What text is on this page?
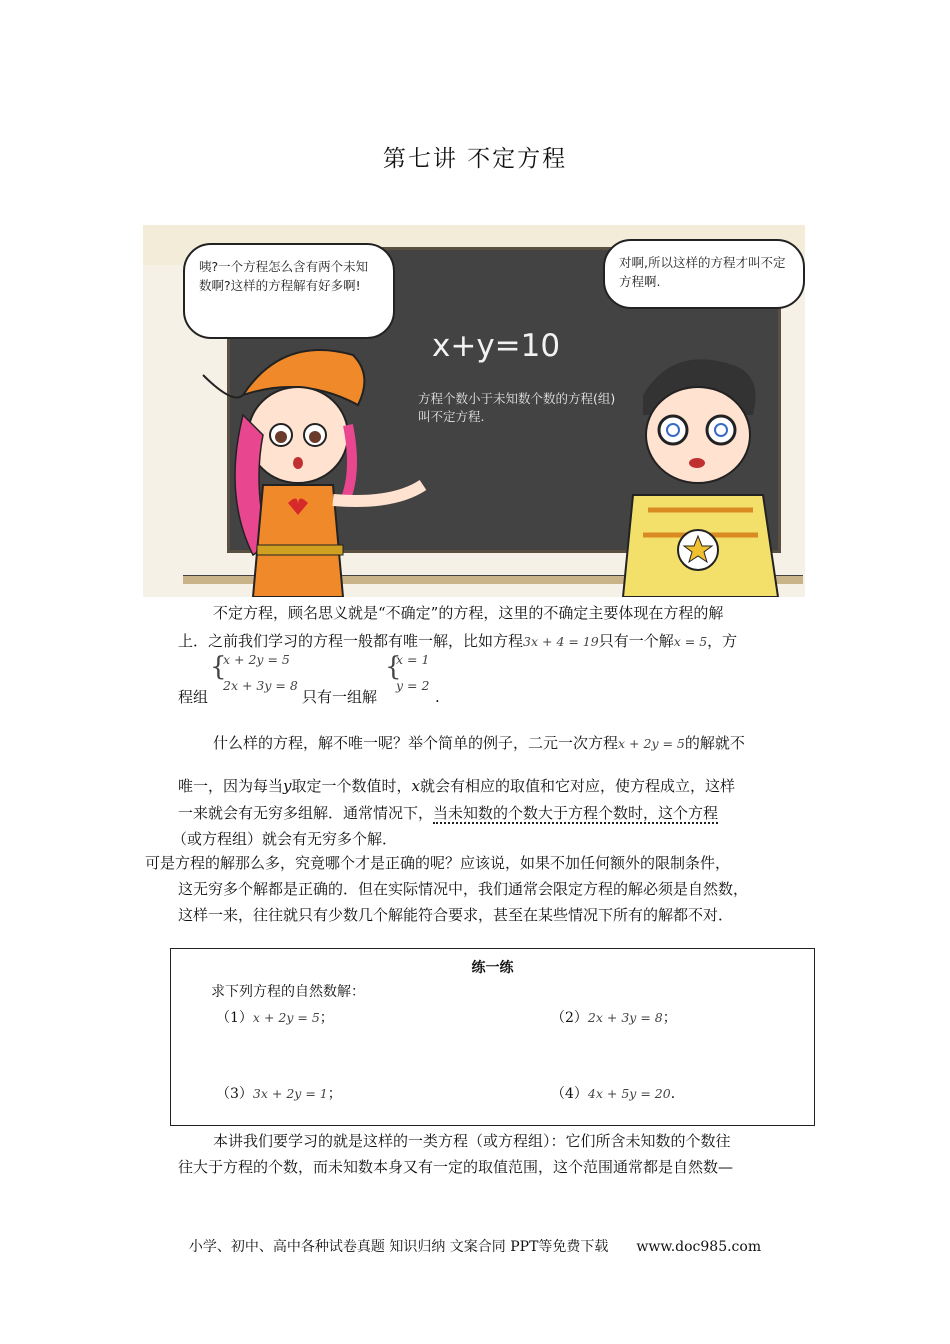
第七讲 不定方程
x+y=10
方程个数小于未知数个数的方程(组)叫不定方程.
咦?一个方程怎么含有两个未知数啊?这样的方程解有好多啊!
对啊,所以这样的方程才叫不定方程啊.
不定方程，顾名思义就是“不确定”的方程，这里的不确定主要体现在方程的解
上．之前我们学习的方程一般都有唯一解，比如方程3x + 4 = 19只有一个解x = 5，方
程组
{
x + 2y = 5
2x + 3y = 8
只有一组解
{
x = 1
y = 2
.
什么样的方程，解不唯一呢？举个简单的例子，二元一次方程x + 2y = 5的解就不
唯一，因为每当y取定一个数值时，x就会有相应的取值和它对应，使方程成立，这样
一来就会有无穷多组解．通常情况下，当未知数的个数大于方程个数时，这个方程
（或方程组）就会有无穷多个解．
可是方程的解那么多，究竟哪个才是正确的呢？应该说，如果不加任何额外的限制条件，
这无穷多个解都是正确的．但在实际情况中，我们通常会限定方程的解必须是自然数，
这样一来，往往就只有少数几个解能符合要求，甚至在某些情况下所有的解都不对．
练一练
求下列方程的自然数解：
（1）x + 2y = 5；	（2）2x + 3y = 8；
（3）3x + 2y = 1；	（4）4x + 5y = 20．
本讲我们要学习的就是这样的一类方程（或方程组）：它们所含未知数的个数往
往大于方程的个数，而未知数本身又有一定的取值范围，这个范围通常都是自然数—
小学、初中、高中各种试卷真题 知识归纳 文案合同 PPT等免费下载　　www.doc985.com
